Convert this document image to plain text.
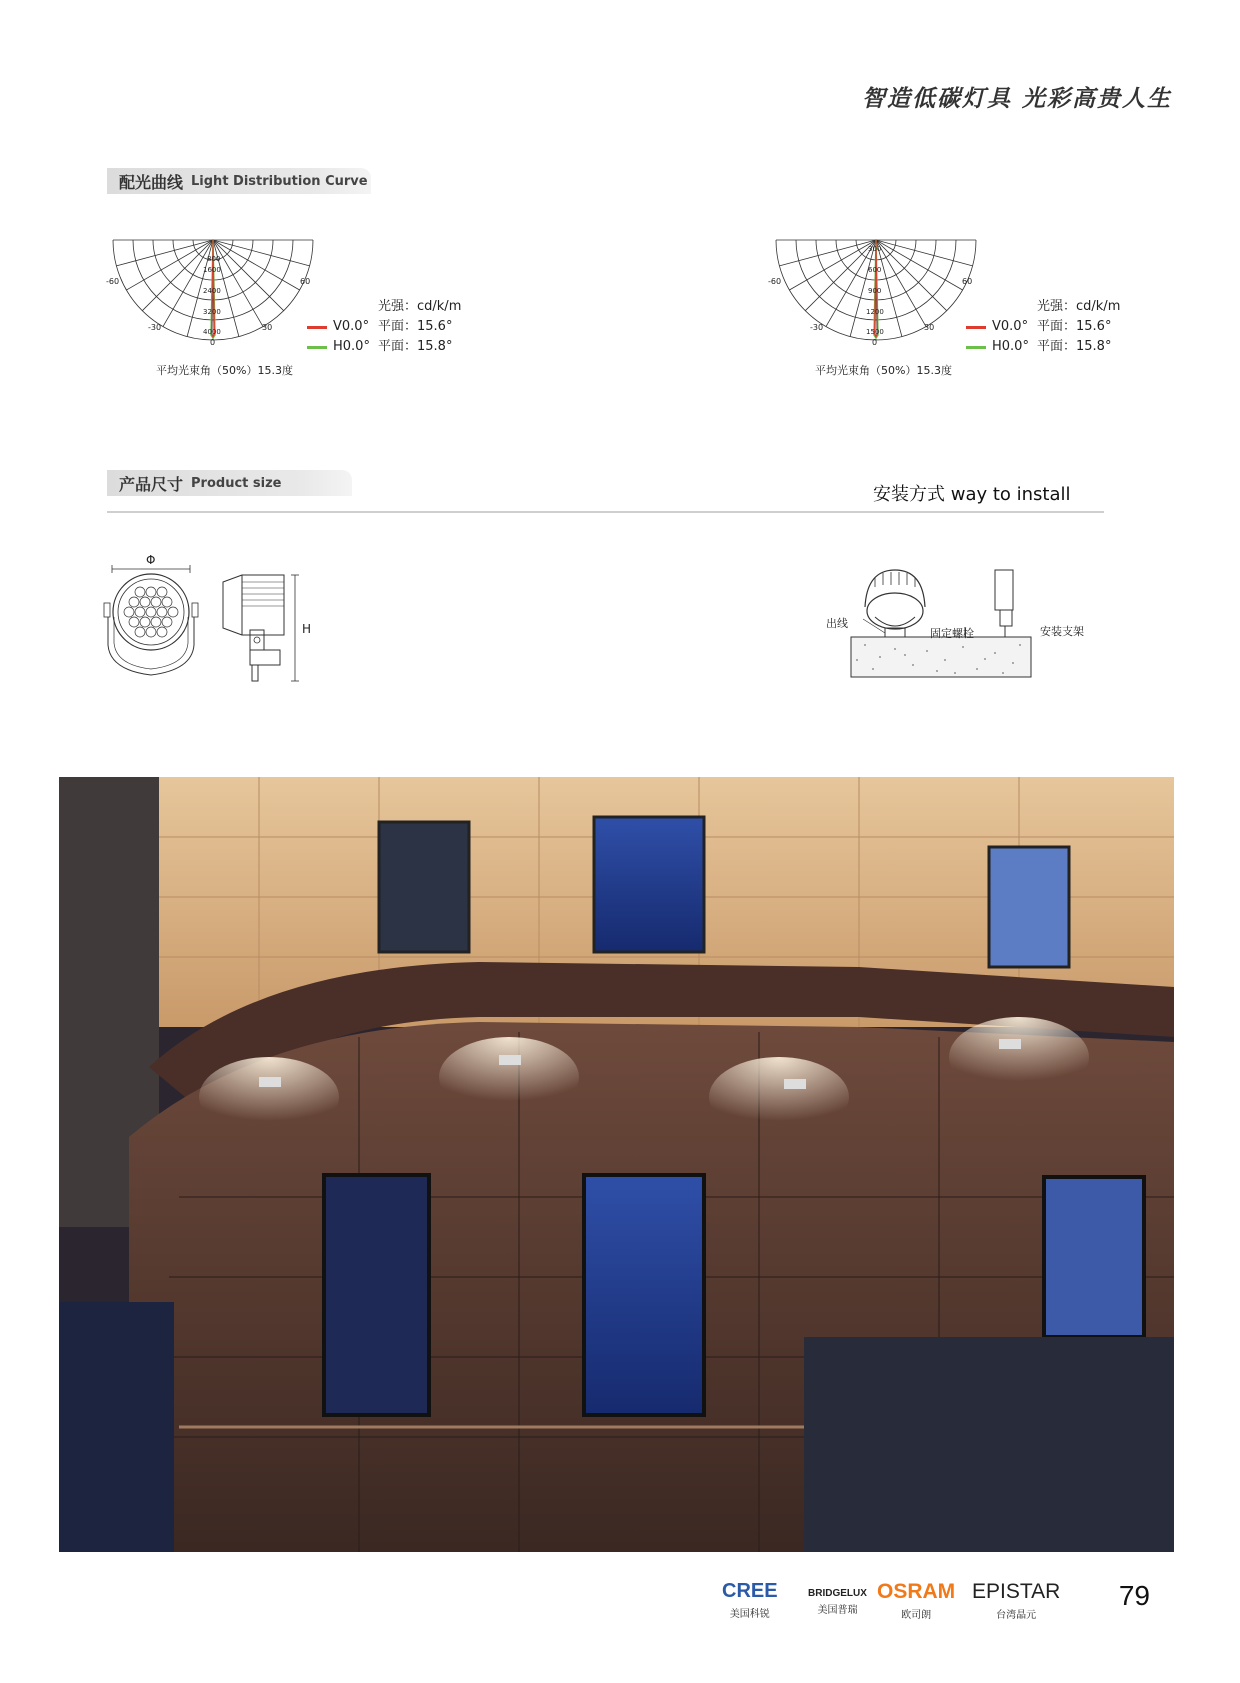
智造低碳灯具 光彩高贵人生
配光曲线 Light Distribution Curve
800
1600
2400
3200
4000
-60	60
-30	30
0
V0.0°
H0.0°
光强：cd/k/m
平面：15.6°
平面：15.8°
平均光束角（50%）15.3度
300
600
900
1200
1500
-60	60
-30	30
0
V0.0°
H0.0°
光强：cd/k/m
平面：15.6°
平面：15.8°
平均光束角（50%）15.3度
产品尺寸 Product size
安装方式 way to install
Φ
H	出线
固定螺栓	安装支架
CREE
美国科锐
BRIDGELUX
美国普瑞
OSRAM
欧司朗
EPISTAR
台湾晶元
79
